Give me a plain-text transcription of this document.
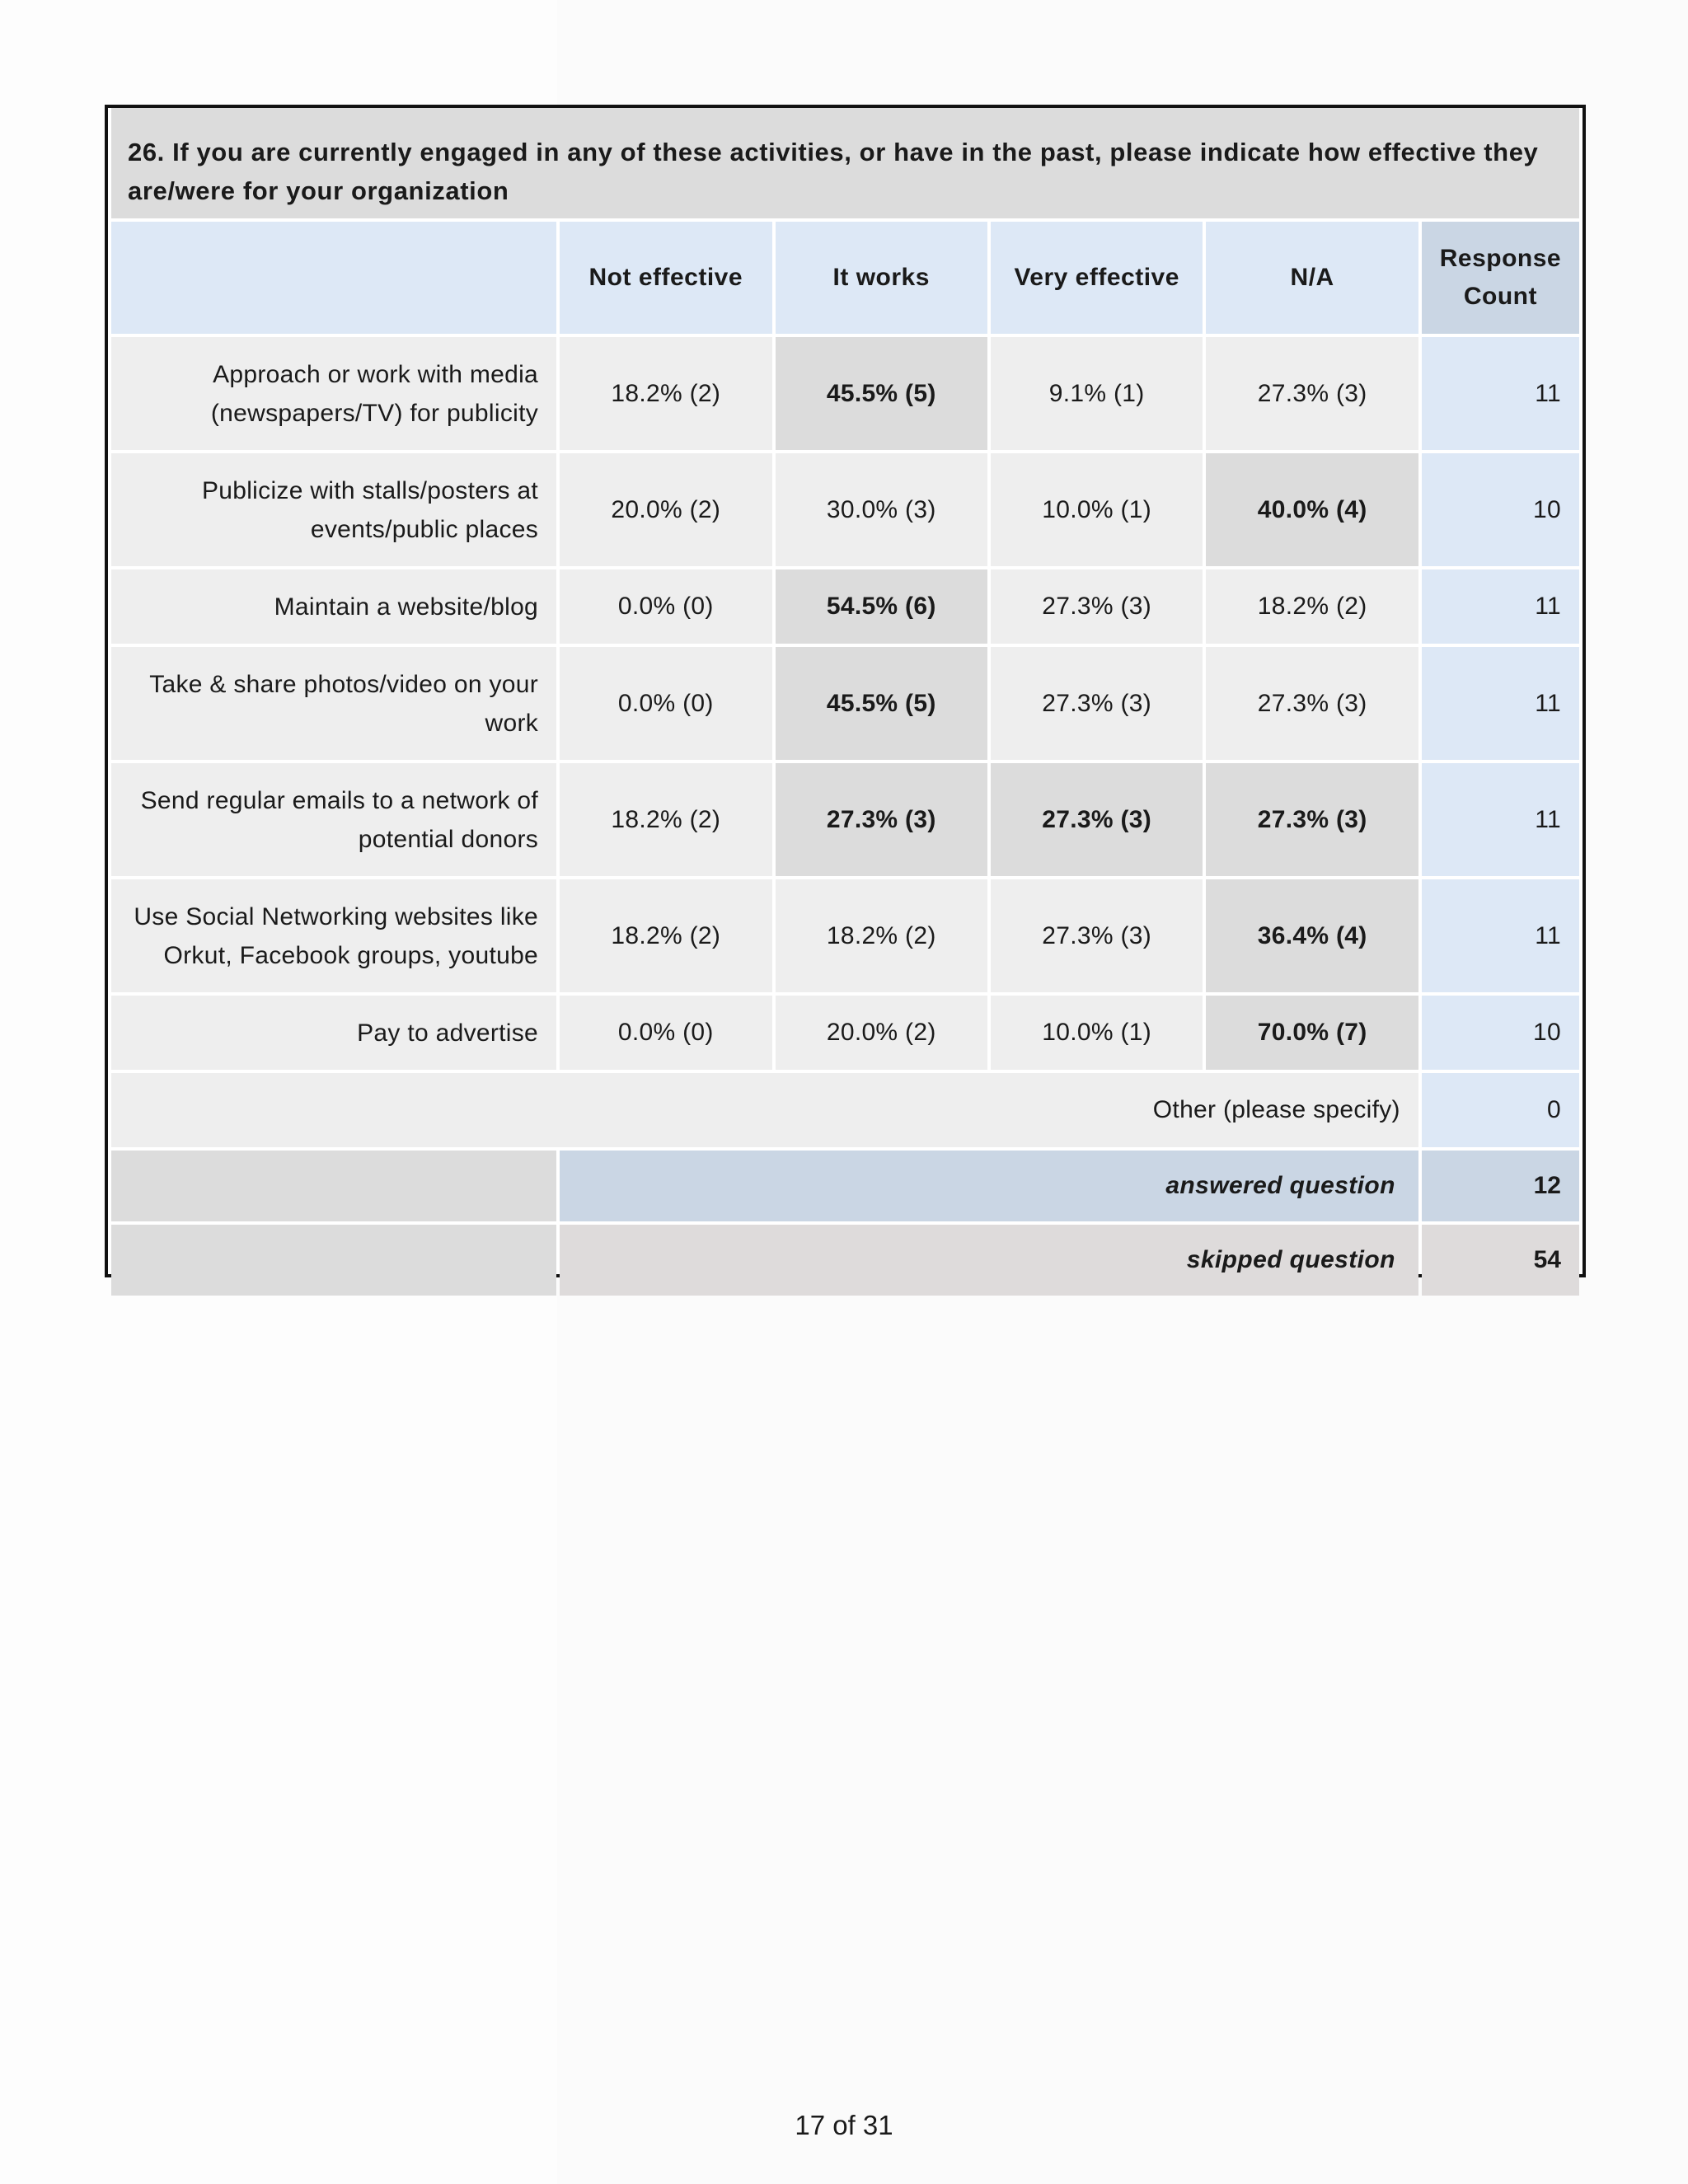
26. If you are currently engaged in any of these activities, or have in the past, please indicate how effective they are/were for your organization					

	Not effective	It works	Very effective	N/A	Response Count

Approach or work with media (newspapers/TV) for publicity	18.2% (2)	45.5% (5)	9.1% (1)	27.3% (3)	11

Publicize with stalls/posters at events/public places	20.0% (2)	30.0% (3)	10.0% (1)	40.0% (4)	10

Maintain a website/blog	0.0% (0)	54.5% (6)	27.3% (3)	18.2% (2)	11

Take & share photos/video on your work	0.0% (0)	45.5% (5)	27.3% (3)	27.3% (3)	11

Send regular emails to a network of potential donors	18.2% (2)	27.3% (3)	27.3% (3)	27.3% (3)	11

Use Social Networking websites like Orkut, Facebook groups, youtube	18.2% (2)	18.2% (2)	27.3% (3)	36.4% (4)	11

Pay to advertise	0.0% (0)	20.0% (2)	10.0% (1)	70.0% (7)	10

Other (please specify)					0

	answered question				12

	skipped question				54
17 of 31
